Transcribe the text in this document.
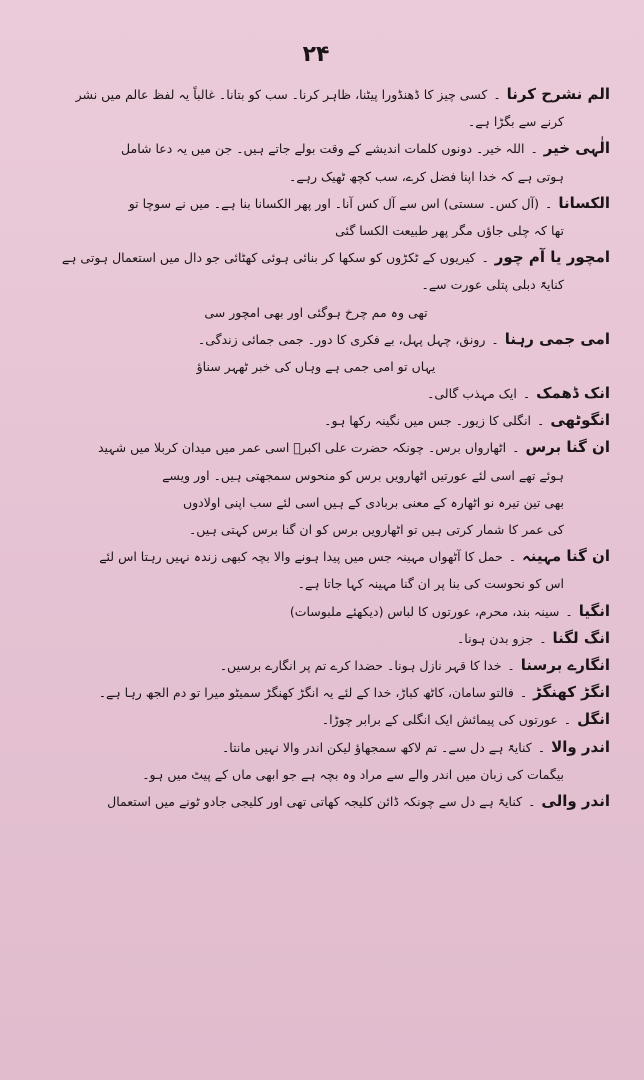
۲۴
الم نشرح کرنا۔کسی چیز کا ڈھنڈورا پیٹنا، ظاہر کرنا۔ سب کو بتانا۔ غالباً یہ لفظ عالم میں نشر
کرنے سے بگڑا ہے۔
الٰہی خیر۔اللہ خیر۔ دونوں کلمات اندیشے کے وقت بولے جاتے ہیں۔ جن میں یہ دعا شامل
ہوتی ہے کہ خدا اپنا فضل کرے، سب کچھ ٹھیک رہے۔
الکسانا۔(آل کس۔ سستی) اس سے آل کس آنا۔ اور پھر الکسانا بنا ہے۔ میں نے سوچا تو
تھا کہ چلی جاؤں مگر پھر طبیعت الکسا گئی
امچور یا آم چور۔کیریوں کے ٹکڑوں کو سکھا کر بنائی ہوئی کھٹائی جو دال میں استعمال ہوتی ہے
کنایۃً دبلی پتلی عورت سے۔
تھی وہ مم چرخ ہوگئی اور بھی امچور سی
امی جمی رہنا۔رونق، چہل پہل، بے فکری کا دور۔ جمی جمائی زندگی۔
یہاں تو امی جمی ہے وہاں کی خبر ٹھہر سناؤ
انک ڈھمک۔ایک مہذب گالی۔
انگوٹھی۔انگلی کا زیور۔ جس میں نگینہ رکھا ہو۔
ان گنا برس۔اٹھارواں برس۔ چونکہ حضرت علی اکبرؓ اسی عمر میں میدان کربلا میں شہید
ہوئے تھے اسی لئے عورتیں اٹھارویں برس کو منحوس سمجھتی ہیں۔ اور ویسے
بھی تین تیرہ نو اٹھارہ کے معنی بربادی کے ہیں اسی لئے سب اپنی اولادوں
کی عمر کا شمار کرتی ہیں تو اٹھارویں برس کو ان گنا برس کہتی ہیں۔
ان گنا مہینہ۔حمل کا آٹھواں مہینہ جس میں پیدا ہونے والا بچہ کبھی زندہ نہیں رہتا اس لئے
اس کو نحوست کی بنا پر ان گنا مہینہ کہا جاتا ہے۔
انگیا۔سینہ بند، محرم، عورتوں کا لباس (دیکھئے ملبوسات)
انگ لگنا۔جزو بدن ہونا۔
انگارے برسنا۔خدا کا قہر نازل ہونا۔ حضدا کرے تم پر انگارے برسیں۔
انگڑ کھنگڑ۔فالتو سامان، کاٹھ کباڑ، خدا کے لئے یہ انگڑ کھنگڑ سمیٹو میرا تو دم الجھ رہا ہے۔
انگل۔عورتوں کی پیمائش ایک انگلی کے برابر چوڑا۔
اندر والا۔کنایۃً ہے دل سے۔ تم لاکھ سمجھاؤ لیکن اندر والا نہیں مانتا۔
بیگمات کی زبان میں اندر والے سے مراد وہ بچہ ہے جو ابھی ماں کے پیٹ میں ہو۔
اندر والی۔کنایۃً ہے دل سے چونکہ ڈائن کلیجہ کھاتی تھی اور کلیجی جادو ٹونے میں استعمال
